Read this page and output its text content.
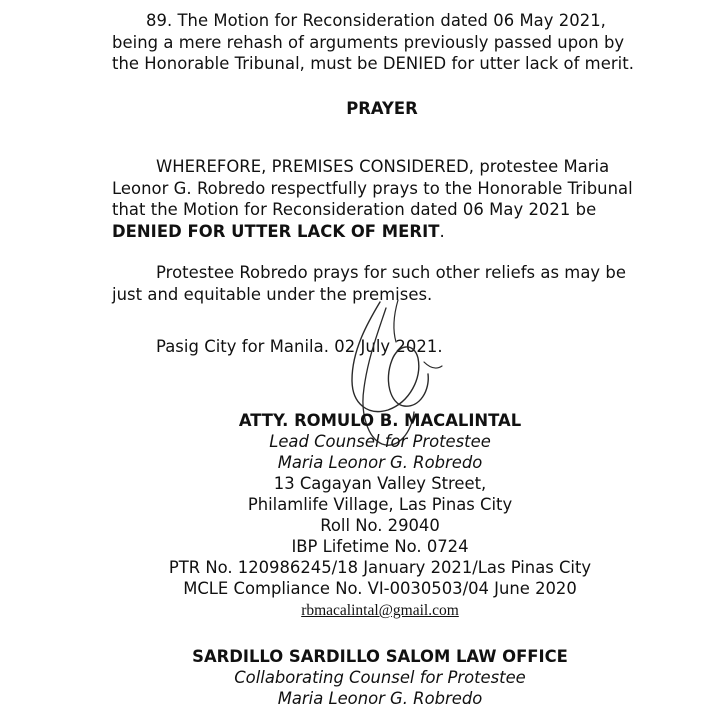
89. The Motion for Reconsideration dated 06 May 2021,
being a mere rehash of arguments previously passed upon by
the Honorable Tribunal, must be DENIED for utter lack of merit.
PRAYER
WHEREFORE, PREMISES CONSIDERED, protestee Maria
Leonor G. Robredo respectfully prays to the Honorable Tribunal
that the Motion for Reconsideration dated 06 May 2021 be
DENIED FOR UTTER LACK OF MERIT.
Protestee Robredo prays for such other reliefs as may be
just and equitable under the premises.
Pasig City for Manila. 02 July 2021.
ATTY. ROMULO B. MACALINTAL
Lead Counsel for Protestee
Maria Leonor G. Robredo
13 Cagayan Valley Street,
Philamlife Village, Las Pinas City
Roll No. 29040
IBP Lifetime No. 0724
PTR No. 120986245/18 January 2021/Las Pinas City
MCLE Compliance No. VI-0030503/04 June 2020
rbmacalintal@gmail.com
SARDILLO SARDILLO SALOM LAW OFFICE
Collaborating Counsel for Protestee
Maria Leonor G. Robredo
